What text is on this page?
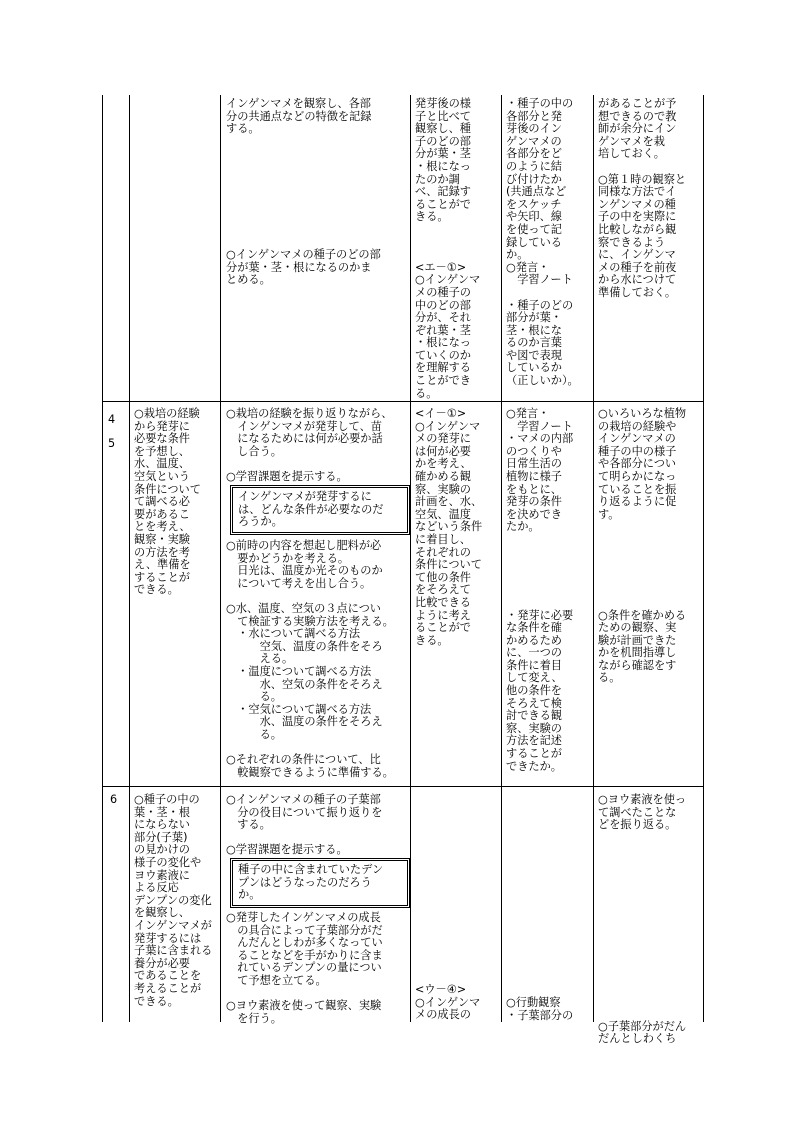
インゲンマメを観察し、各部

分の共通点などの特徴を記録

する。

○インゲンマメの種子のどの部

分が葉・茎・根になるのかま

とめる。

発芽後の様

子と比べて

観察し、種

子のどの部

分が葉・茎

・根になっ

たのか調

べ、記録す

ることがで

きる。

<エ－①>

○インゲンマ

メの種子の

中のどの部

分が、それ

ぞれ葉・茎

・根になっ

ていくのか

を理解する

ことができ

る。

・種子の中の

各部分と発

芽後のイン

ゲンマメの

各部分をど

のように結

び付けたか

(共通点など

をスケッチ

や矢印、線

を使って記

録している

か。

○発言・

　学習ノート

・種子のどの

部分が葉・

茎・根にな

るのか言葉

や図で表現

しているか

（正しいか）。

があることが予

想できるので教

師が余分にイン

ゲンマメを栽

培しておく。

○第１時の観察と

同様な方法でイ

ンゲンマメの種

子の中を実際に

比較しながら観

察できるよう

に、インゲンマ

メの種子を前夜

から水につけて

準備しておく。

4
5

○栽培の経験

から発芽に

必要な条件

を予想し、

水、温度、

空気という

条件について

て調べる必

要があるこ

とを考え、

観察・実験

の方法を考

え、準備を

することが

できる。

○栽培の経験を振り返りながら、

　インゲンマメが発芽して、苗

　になるためには何が必要か話

　し合う。

○学習課題を提示する。

インゲンマメが発芽するに

は、どんな条件が必要なのだ

ろうか。

○前時の内容を想起し肥料が必

　要かどうかを考える。

　日光は、温度か光そのものか

　について考えを出し合う。

○水、温度、空気の３点につい

　て検証する実験方法を考える。

　・水について調べる方法

　　　空気、温度の条件をそろ

　　　える。

　・温度について調べる方法

　　　水、空気の条件をそろえ

　　　る。

　・空気について調べる方法

　　　水、温度の条件をそろえ

　　　る。

○それぞれの条件について、比

　較観察できるように準備する。

<イ－①>

○インゲンマ

メの発芽に

は何が必要

かを考え、

確かめる観

察、実験の

計画を、水、

空気、温度

などいう条件

に着目し、

それぞれの

条件について

て他の条件

をそろえて

比較できる

ように考え

ることがで

きる。

○発言・

　学習ノート

・マメの内部

のつくりや

日常生活の

植物に様子

をもとに、

発芽の条件

を決めでき

たか。

・発芽に必要

な条件を確

かめるため

に、一つの

条件に着目

して変え、

他の条件を

そろえて検

討できる観

察、実験の

方法を記述

することが

できたか。

○いろいろな植物

の栽培の経験や

インゲンマメの

種子の中の様子

や各部分につい

て明らかになっ

ていることを振

り返るように促

す。

○条件を確かめる

ための観察、実

験が計画できた

かを机間指導し

ながら確認をす

る。

6	○種子の中の

葉・茎・根

にならない

部分(子葉)

の見かけの

様子の変化や

ヨウ素液に

よる反応

デンプンの変化

を観察し、

インゲンマメが

発芽するには

子葉に含まれる

養分が必要

であることを

考えることが

できる。

○インゲンマメの種子の子葉部

　分の役目について振り返りを

　する。

○学習課題を提示する。

種子の中に含まれていたデン

プンはどうなったのだろう

か。

○発芽したインゲンマメの成長

　の具合によって子葉部分がだ

　んだんとしわが多くなってい

　ることなどを手がかりに含ま

　れているデンプンの量につい

　て予想を立てる。

○ヨウ素液を使って観察、実験

　を行う。

<ウ－④>

○インゲンマ

メの成長の

○行動観察

・子葉部分の

○ヨウ素液を使っ

て調べたことな

どを振り返る。

○子葉部分がだん

だんとしわくち
